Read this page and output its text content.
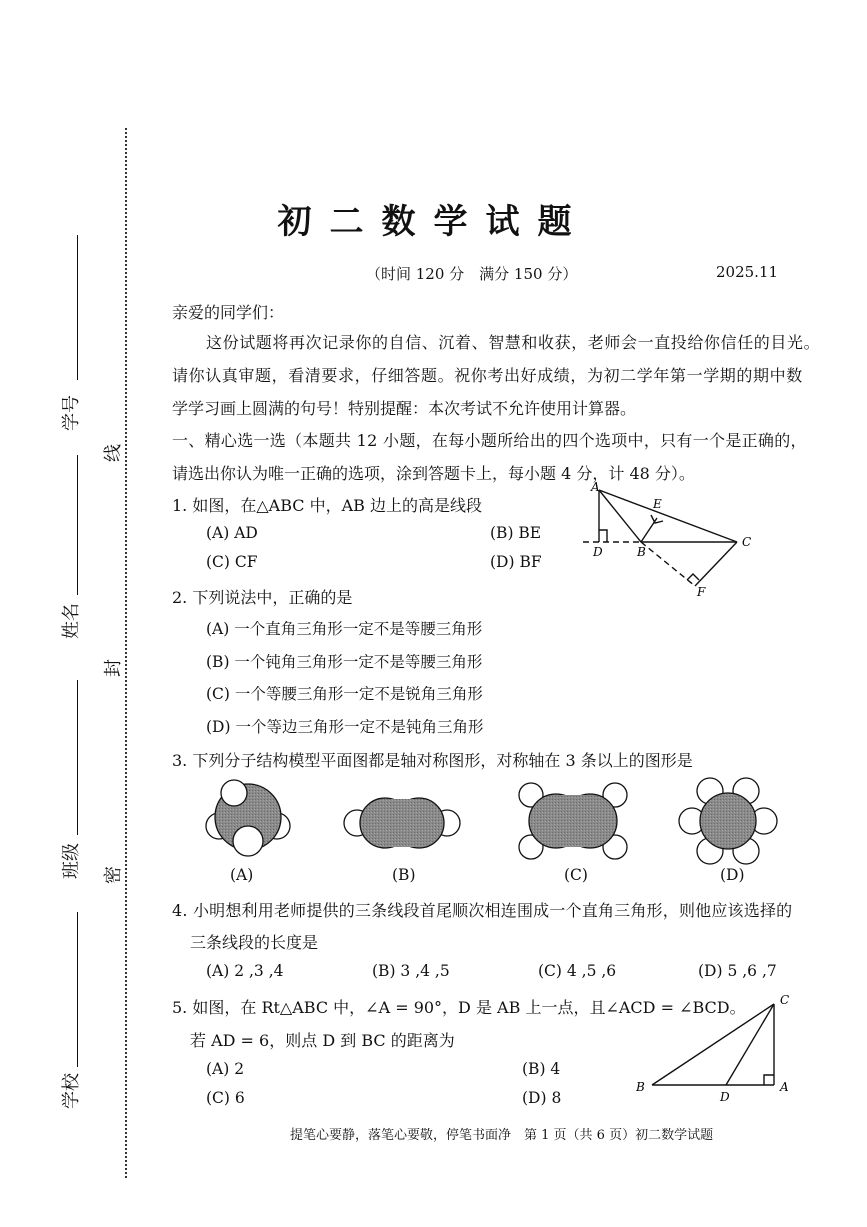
学号
姓名
班级
学校
线
封
密
初二数学试题
（时间 120 分　满分 150 分）	2025.11
亲爱的同学们：
这份试题将再次记录你的自信、沉着、智慧和收获，老师会一直投给你信任的目光。
请你认真审题，看清要求，仔细答题。祝你考出好成绩，为初二学年第一学期的期中数
学学习画上圆满的句号！特别提醒：本次考试不允许使用计算器。
一、精心选一选（本题共 12 小题，在每小题所给出的四个选项中，只有一个是正确的，
请选出你认为唯一正确的选项，涂到答题卡上，每小题 4 分，计 48 分）。
1. 如图，在△ABC 中，AB 边上的高是线段
(A) AD	(B) BE
(C) CF	(D) BF
A
E
D	B
C
F
2. 下列说法中，正确的是
(A) 一个直角三角形一定不是等腰三角形
(B) 一个钝角三角形一定不是等腰三角形
(C) 一个等腰三角形一定不是锐角三角形
(D) 一个等边三角形一定不是钝角三角形
3. 下列分子结构模型平面图都是轴对称图形，对称轴在 3 条以上的图形是
(A)	(B)	(C)	(D)
4. 小明想利用老师提供的三条线段首尾顺次相连围成一个直角三角形，则他应该选择的
三条线段的长度是
(A) 2 ,3 ,4	(B) 3 ,4 ,5	(C) 4 ,5 ,6	(D) 5 ,6 ,7
5. 如图，在 Rt△ABC 中，∠A = 90°，D 是 AB 上一点，且∠ACD = ∠BCD。
若 AD = 6，则点 D 到 BC 的距离为
(A) 2	(B) 4
(C) 6	(D) 8
C
B
D
A
提笔心要静，落笔心要敬，停笔书面净　第 1 页（共 6 页）初二数学试题
